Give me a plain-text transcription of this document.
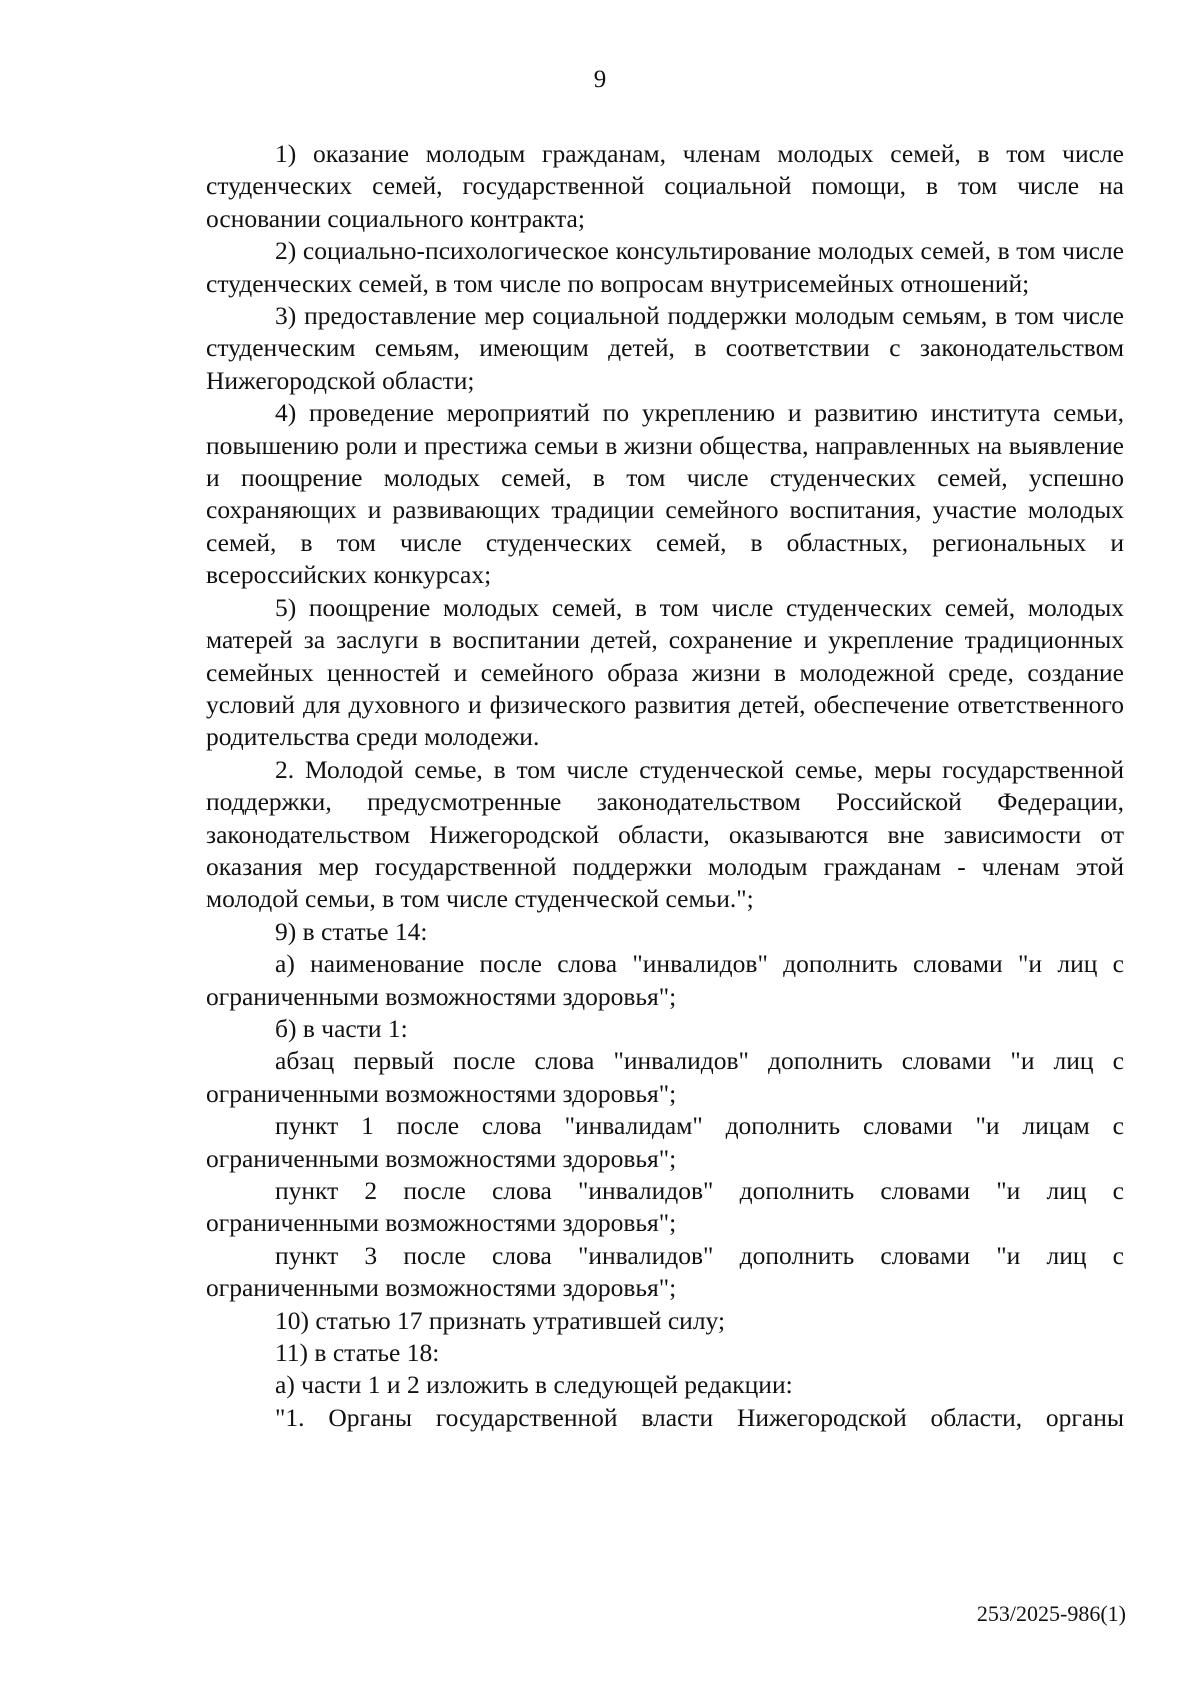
9

1) оказание молодым гражданам, членам молодых семей, в том числе студенческих семей, государственной социальной помощи, в том числе на основании социального контракта;

2) социально-психологическое консультирование молодых семей, в том числе студенческих семей, в том числе по вопросам внутрисемейных отношений;

3) предоставление мер социальной поддержки молодым семьям, в том числе студенческим семьям, имеющим детей, в соответствии с законодательством Нижегородской области;

4) проведение мероприятий по укреплению и развитию института семьи, повышению роли и престижа семьи в жизни общества, направленных на выявление и поощрение молодых семей, в том числе студенческих семей, успешно сохраняющих и развивающих традиции семейного воспитания, участие молодых семей, в том числе студенческих семей, в областных, региональных и всероссийских конкурсах;

5) поощрение молодых семей, в том числе студенческих семей, молодых матерей за заслуги в воспитании детей, сохранение и укрепление традиционных семейных ценностей и семейного образа жизни в молодежной среде, создание условий для духовного и физического развития детей, обеспечение ответственного родительства среди молодежи.

2. Молодой семье, в том числе студенческой семье, меры государственной поддержки, предусмотренные законодательством Российской Федерации, законодательством Нижегородской области, оказываются вне зависимости от оказания мер государственной поддержки молодым гражданам - членам этой молодой семьи, в том числе студенческой семьи.";

9) в статье 14:

а) наименование после слова "инвалидов" дополнить словами "и лиц с ограниченными возможностями здоровья";

б) в части 1:

абзац первый после слова "инвалидов" дополнить словами "и лиц с ограниченными возможностями здоровья";

пункт 1 после слова "инвалидам" дополнить словами "и лицам с ограниченными возможностями здоровья";

пункт 2 после слова "инвалидов" дополнить словами "и лиц с ограниченными возможностями здоровья";

пункт 3 после слова "инвалидов" дополнить словами "и лиц с ограниченными возможностями здоровья";

10) статью 17 признать утратившей силу;

11) в статье 18:

а) части 1 и 2 изложить в следующей редакции:

"1. Органы государственной власти Нижегородской области, органы

253/2025-986(1)
